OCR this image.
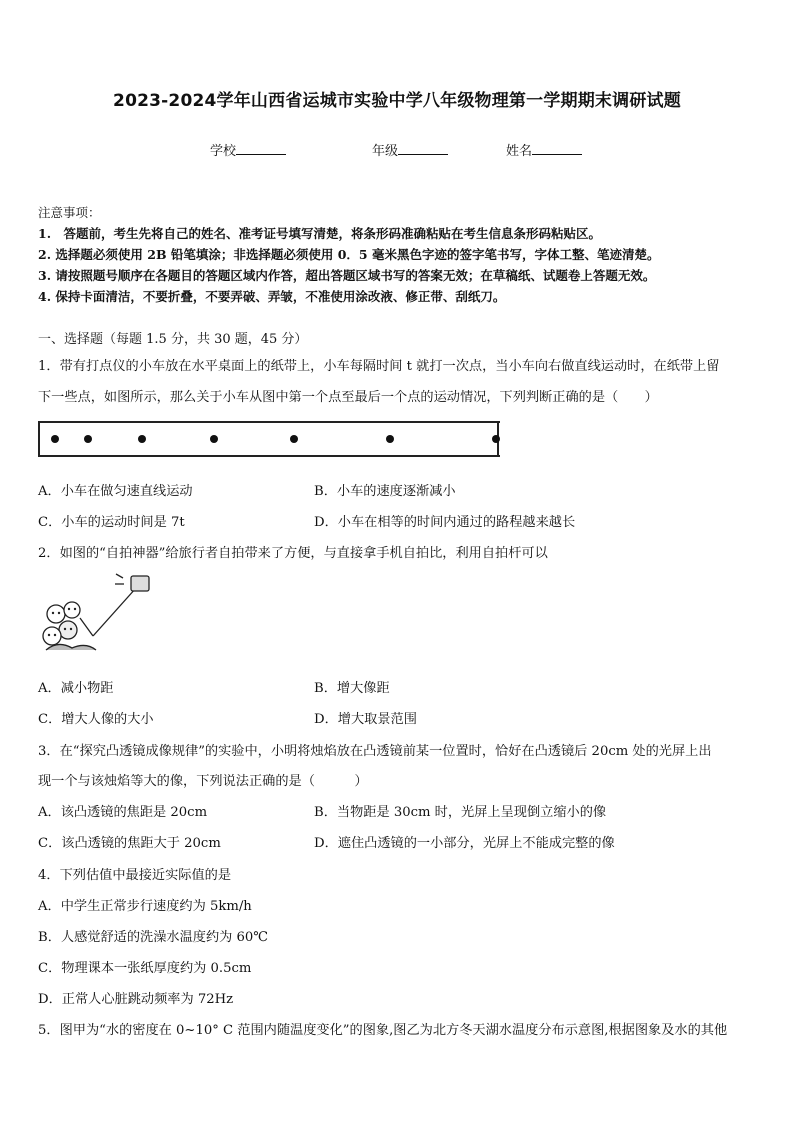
2023-2024学年山西省运城市实验中学八年级物理第一学期期末调研试题
学校	年级	姓名
注意事项：
1.　答题前，考生先将自己的姓名、准考证号填写清楚，将条形码准确粘贴在考生信息条形码粘贴区。
2. 选择题必须使用 2B 铅笔填涂；非选择题必须使用 0．5 毫米黑色字迹的签字笔书写，字体工整、笔迹清楚。
3. 请按照题号顺序在各题目的答题区域内作答，超出答题区域书写的答案无效；在草稿纸、试题卷上答题无效。
4. 保持卡面清洁，不要折叠，不要弄破、弄皱，不准使用涂改液、修正带、刮纸刀。
一、选择题（每题 1.5 分，共 30 题，45 分）
1．带有打点仪的小车放在水平桌面上的纸带上，小车每隔时间 t 就打一次点，当小车向右做直线运动时，在纸带上留
下一些点，如图所示，那么关于小车从图中第一个点至最后一个点的运动情况，下列判断正确的是（　　）
A．小车在做匀速直线运动	B．小车的速度逐渐减小
C．小车的运动时间是 7t	D．小车在相等的时间内通过的路程越来越长
2．如图的“自拍神器”给旅行者自拍带来了方便，与直接拿手机自拍比，利用自拍杆可以
A．减小物距	B．增大像距
C．增大人像的大小	D．增大取景范围
3．在“探究凸透镜成像规律”的实验中，小明将烛焰放在凸透镜前某一位置时，恰好在凸透镜后 20cm 处的光屏上出
现一个与该烛焰等大的像，下列说法正确的是（　　　）
A．该凸透镜的焦距是 20cm	B．当物距是 30cm 时，光屏上呈现倒立缩小的像
C．该凸透镜的焦距大于 20cm	D．遮住凸透镜的一小部分，光屏上不能成完整的像
4．下列估值中最接近实际值的是
A．中学生正常步行速度约为 5km/h
B．人感觉舒适的洗澡水温度约为 60℃
C．物理课本一张纸厚度约为 0.5cm
D．正常人心脏跳动频率为 72Hz
5．图甲为“水的密度在 0~10° C 范围内随温度变化”的图象,图乙为北方冬天湖水温度分布示意图,根据图象及水的其他
